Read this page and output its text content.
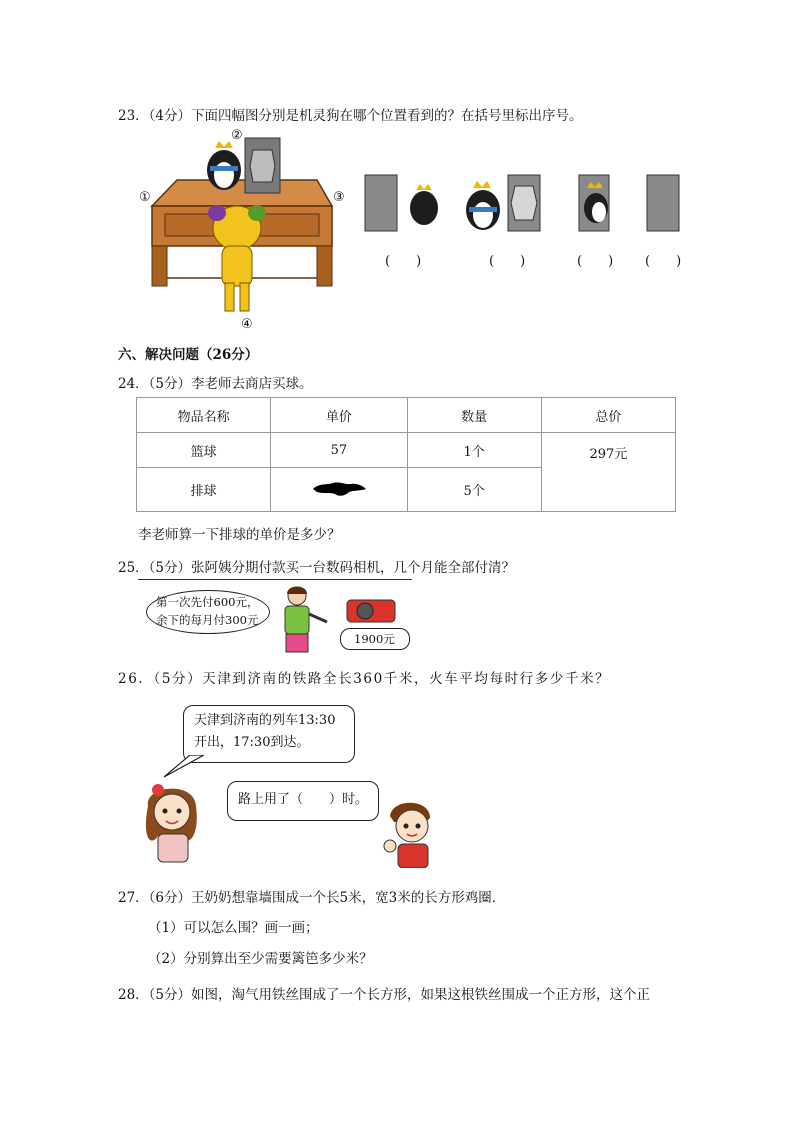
23．（4分）下面四幅图分别是机灵狗在哪个位置看到的？在括号里标出序号。
②
①	③
④
(　　)	(　　)	(　　) (　　)
六、解决问题（26分）
24．（5分）李老师去商店买球。
物品名称	单价	数量	总价
篮球	57	1个	297元
排球		5个	
李老师算一下排球的单价是多少？
25．（5分）张阿姨分期付款买一台数码相机，几个月能全部付清？
第一次先付600元，
余下的每月付300元
1900元
26．（5分）天津到济南的铁路全长360千米，火车平均每时行多少千米？
天津到济南的列车13:30
开出，17:30到达。
路上用了（　　）时。
27．（6分）王奶奶想靠墙围成一个长5米，宽3米的长方形鸡圈．
（1）可以怎么围？画一画；
（2）分别算出至少需要篱笆多少米？
28．（5分）如图，淘气用铁丝围成了一个长方形，如果这根铁丝围成一个正方形，这个正
